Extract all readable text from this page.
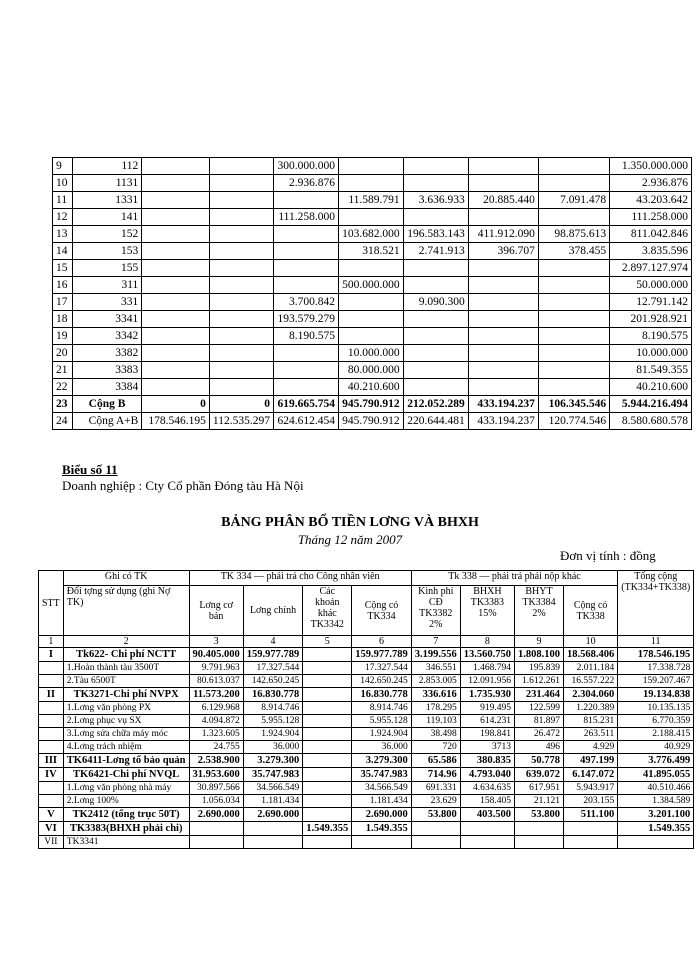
9	112			300.000.000					1.350.000.000
10	1131			2.936.876					2.936.876
11	1331				11.589.791	3.636.933	20.885.440	7.091.478	43.203.642
12	141			111.258.000					111.258.000
13	152				103.682.000	196.583.143	411.912.090	98.875.613	811.042.846
14	153				318.521	2.741.913	396.707	378.455	3.835.596
15	155								2.897.127.974
16	311				500.000.000				50.000.000
17	331			3.700.842		9.090.300			12.791.142
18	3341			193.579.279					201.928.921
19	3342			8.190.575					8.190.575
20	3382				10.000.000				10.000.000
21	3383				80.000.000				81.549.355
22	3384				40.210.600				40.210.600
23	Cộng B	0	0	619.665.754	945.790.912	212.052.289	433.194.237	106.345.546	5.944.216.494
24	Cộng A+B	178.546.195	112.535.297	624.612.454	945.790.912	220.644.481	433.194.237	120.774.546	8.580.680.578
Biểu số 11
Doanh nghiệp : Cty Cổ phần Đóng tàu Hà Nội
BẢNG PHÂN BỔ TIỀN LƠNG VÀ BHXH
Tháng 12 năm 2007
Đơn vị tính : đồng
STT	Ghi có TK	TK 334 — phải trả cho Công nhân viên				Tk 338 — phải trả phải nộp khác				Tổng cộng (TK334+TK338)
	Đối tợng sử dụng (ghi Nợ TK)	Lơng cơ bản	Lơng chính	Các khoản khác TK3342	Cộng có TK334	Kinh phí CĐ TK3382 2%	BHXH TK3383 15%	BHYT TK3384 2%	Cộng có TK338	
1	2	3	4	5	6	7	8	9	10	11
I	Tk622- Chi phí NCTT	90.405.000	159.977.789		159.977.789	3.199.556	13.560.750	1.808.100	18.568.406	178.546.195
	1.Hoàn thành tàu 3500T	9.791.963	17.327.544		17.327.544	346.551	1.468.794	195.839	2.011.184	17.338.728
	2.Tàu 6500T	80.613.037	142.650.245		142.650.245	2.853.005	12.091.956	1.612.261	16.557.222	159.207.467
II	TK3271-Chi phí NVPX	11.573.200	16.830.778		16.830.778	336.616	1.735.930	231.464	2.304.060	19.134.838
	1.Lơng văn phòng PX	6.129.968	8.914.746		8.914.746	178.295	919.495	122.599	1.220.389	10.135.135
	2.Lơng phục vụ SX	4.094.872	5.955.128		5.955.128	119.103	614.231	81.897	815.231	6.770.359
	3.Lơng sửa chữa máy móc	1.323.605	1.924.904		1.924.904	38.498	198.841	26.472	263.511	2.188.415
	4.Lơng trách nhiệm	24.755	36.000		36.000	720	3713	496	4.929	40.929
III	TK6411-Lơng tổ bảo quản	2.538.900	3.279.300		3.279.300	65.586	380.835	50.778	497.199	3.776.499
IV	TK6421-Chi phí NVQL	31.953.600	35.747.983		35.747.983	714.96	4.793.040	639.072	6.147.072	41.895.055
	1.Lơng văn phòng nhà máy	30.897.566	34.566.549		34.566.549	691.331	4.634.635	617.951	5.943.917	40.510.466
	2.Lơng 100%	1.056.034	1.181.434		1.181.434	23.629	158.405	21.121	203.155	1.384.589
V	TK2412 (tổng trục 50T)	2.690.000	2.690.000		2.690.000	53.800	403.500	53.800	511.100	3.201.100
VI	TK3383(BHXH phải chi)			1.549.355	1.549.355					1.549.355
VII	TK3341									
